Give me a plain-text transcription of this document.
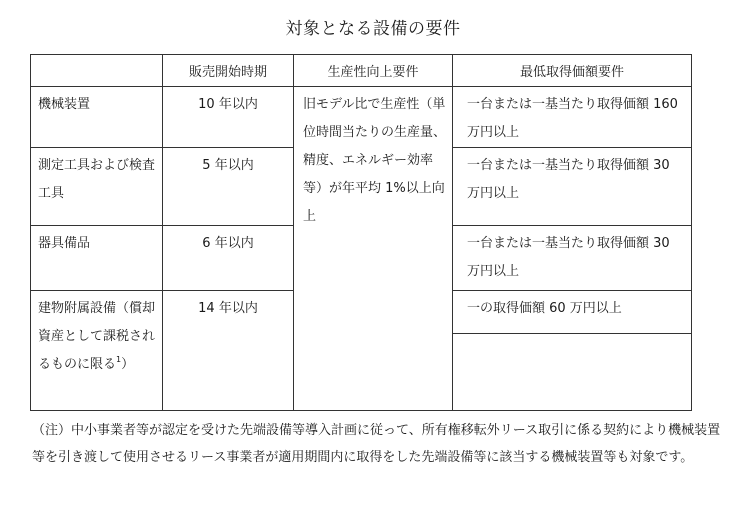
対象となる設備の要件
	販売開始時期	生産性向上要件	最低取得価額要件

機械装置	10 年以内	旧モデル比で生産性（単位時間当たりの生産量、精度、エネルギー効率等）が年平均 1%以上向上	一台または一基当たり取得価額 160 万円以上

測定工具および検査工具	5 年以内		一台または一基当たり取得価額 30 万円以上

器具備品	6 年以内		一台または一基当たり取得価額 30 万円以上

建物附属設備（償却資産として課税されるものに限る$^1$）	14 年以内		一の取得価額 60 万円以上
（注）中小事業者等が認定を受けた先端設備等導入計画に従って、所有権移転外リース取引に係る契約により機械装置等を引き渡して使用させるリース事業者が適用期間内に取得をした先端設備等に該当する機械装置等も対象です。
